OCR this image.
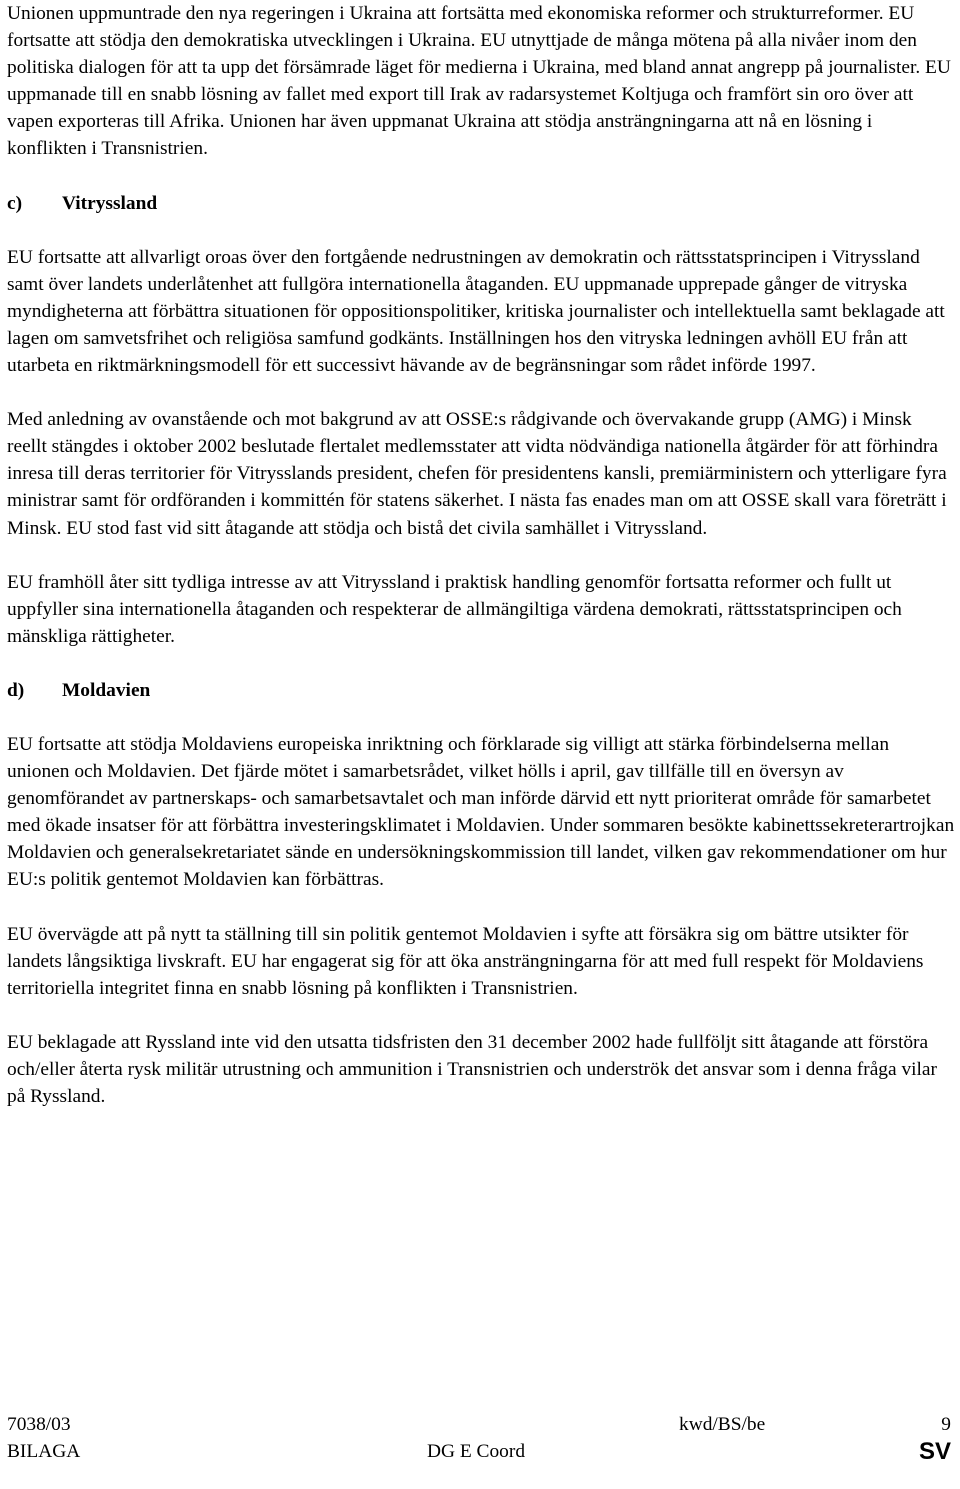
Unionen uppmuntrade den nya regeringen i Ukraina att fortsätta med ekonomiska reformer och strukturreformer. EU fortsatte att stödja den demokratiska utvecklingen i Ukraina. EU utnyttjade de många mötena på alla nivåer inom den politiska dialogen för att ta upp det försämrade läget för medierna i Ukraina, med bland annat angrepp på journalister. EU uppmanade till en snabb lösning av fallet med export till Irak av radarsystemet Koltjuga och framfört sin oro över att vapen exporteras till Afrika. Unionen har även uppmanat Ukraina att stödja ansträngningarna att nå en lösning i konflikten i Transnistrien.

c)	Vitryssland

EU fortsatte att allvarligt oroas över den fortgående nedrustningen av demokratin och rättsstatsprincipen i Vitryssland samt över landets underlåtenhet att fullgöra internationella åtaganden. EU uppmanade upprepade gånger de vitryska myndigheterna att förbättra situationen för oppositionspolitiker, kritiska journalister och intellektuella samt beklagade att lagen om samvetsfrihet och religiösa samfund godkänts. Inställningen hos den vitryska ledningen avhöll EU från att utarbeta en riktmärkningsmodell för ett successivt hävande av de begränsningar som rådet införde 1997.

Med anledning av ovanstående och mot bakgrund av att OSSE:s rådgivande och övervakande grupp (AMG) i Minsk reellt stängdes i oktober 2002 beslutade flertalet medlemsstater att vidta nödvändiga nationella åtgärder för att förhindra inresa till deras territorier för Vitrysslands president, chefen för presidentens kansli, premiärministern och ytterligare fyra ministrar samt för ordföranden i kommittén för statens säkerhet. I nästa fas enades man om att OSSE skall vara företrätt i Minsk. EU stod fast vid sitt åtagande att stödja och bistå det civila samhället i Vitryssland.

EU framhöll åter sitt tydliga intresse av att Vitryssland i praktisk handling genomför fortsatta reformer och fullt ut uppfyller sina internationella åtaganden och respekterar de allmängiltiga värdena demokrati, rättsstatsprincipen och mänskliga rättigheter.

d)	Moldavien

EU fortsatte att stödja Moldaviens europeiska inriktning och förklarade sig villigt att stärka förbindelserna mellan unionen och Moldavien. Det fjärde mötet i samarbetsrådet, vilket hölls i april, gav tillfälle till en översyn av genomförandet av partnerskaps- och samarbetsavtalet och man införde därvid ett nytt prioriterat område för samarbetet med ökade insatser för att förbättra investeringsklimatet i Moldavien. Under sommaren besökte kabinettssekreterartrojkan Moldavien och generalsekretariatet sände en undersökningskommission till landet, vilken gav rekommendationer om hur EU:s politik gentemot Moldavien kan förbättras.

EU övervägde att på nytt ta ställning till sin politik gentemot Moldavien i syfte att försäkra sig om bättre utsikter för landets långsiktiga livskraft. EU har engagerat sig för att öka ansträngningarna för att med full respekt för Moldaviens territoriella integritet finna en snabb lösning på konflikten i Transnistrien.

EU beklagade att Ryssland inte vid den utsatta tidsfristen den 31 december 2002 hade fullföljt sitt åtagande att förstöra och/eller återta rysk militär utrustning och ammunition i Transnistrien och underströk det ansvar som i denna fråga vilar på Ryssland.

7038/03	kwd/BS/be	9
BILAGA	DG E Coord	SV
